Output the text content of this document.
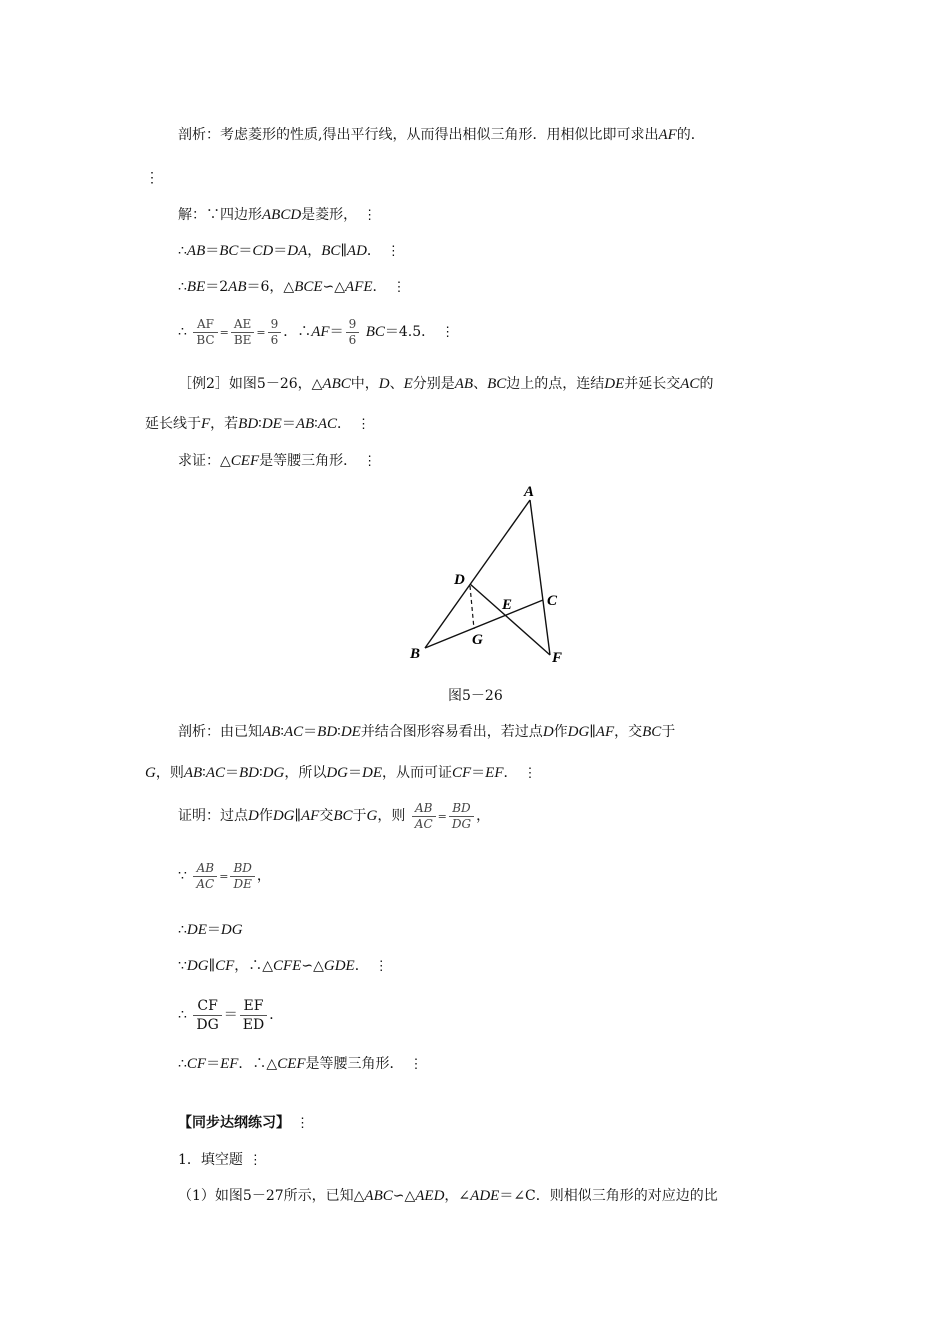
剖析：考虑菱形的性质,得出平行线，从而得出相似三角形．用相似比即可求出AF的．
⋮
解：∵四边形ABCD是菱形， ⋮
∴AB＝BC＝CD＝DA，BC∥AD． ⋮
∴BE＝2AB＝6，△BCE∽△AFE． ⋮
∴ $\frac{AF}{BC} = \frac{AE}{BE} = \frac{9}{6}$ ．∴AF＝ $\frac{9}{6} BC=4.5$． ⋮
［例2］如图5－26，△ABC中，D、E分别是AB、BC边上的点，连结DE并延长交AC的
延长线于F，若BD∶DE＝AB∶AC． ⋮
求证：△CEF是等腰三角形． ⋮
A
B
C
D
E
F
G
图5－26
剖析：由已知AB∶AC＝BD∶DE并结合图形容易看出，若过点D作DG∥AF，交BC于
G，则AB∶AC＝BD∶DG，所以DG＝DE，从而可证CF＝EF． ⋮
证明：过点D作DG∥AF交BC于G，则 $\frac{AB}{AC} = \frac{BD}{DG}$ ，
∵ $\frac{AB}{AC} = \frac{BD}{DE}$ ，
∴DE＝DG
∵DG∥CF，∴△CFE∽△GDE． ⋮
∴ $\frac{CF}{DG} = \frac{EF}{ED}$ ．
∴CF＝EF．∴△CEF是等腰三角形． ⋮
【同步达纲练习】 ⋮
1．填空题 ⋮
（1）如图5－27所示，已知△ABC∽△AED，∠ADE＝∠C．则相似三角形的对应边的比
